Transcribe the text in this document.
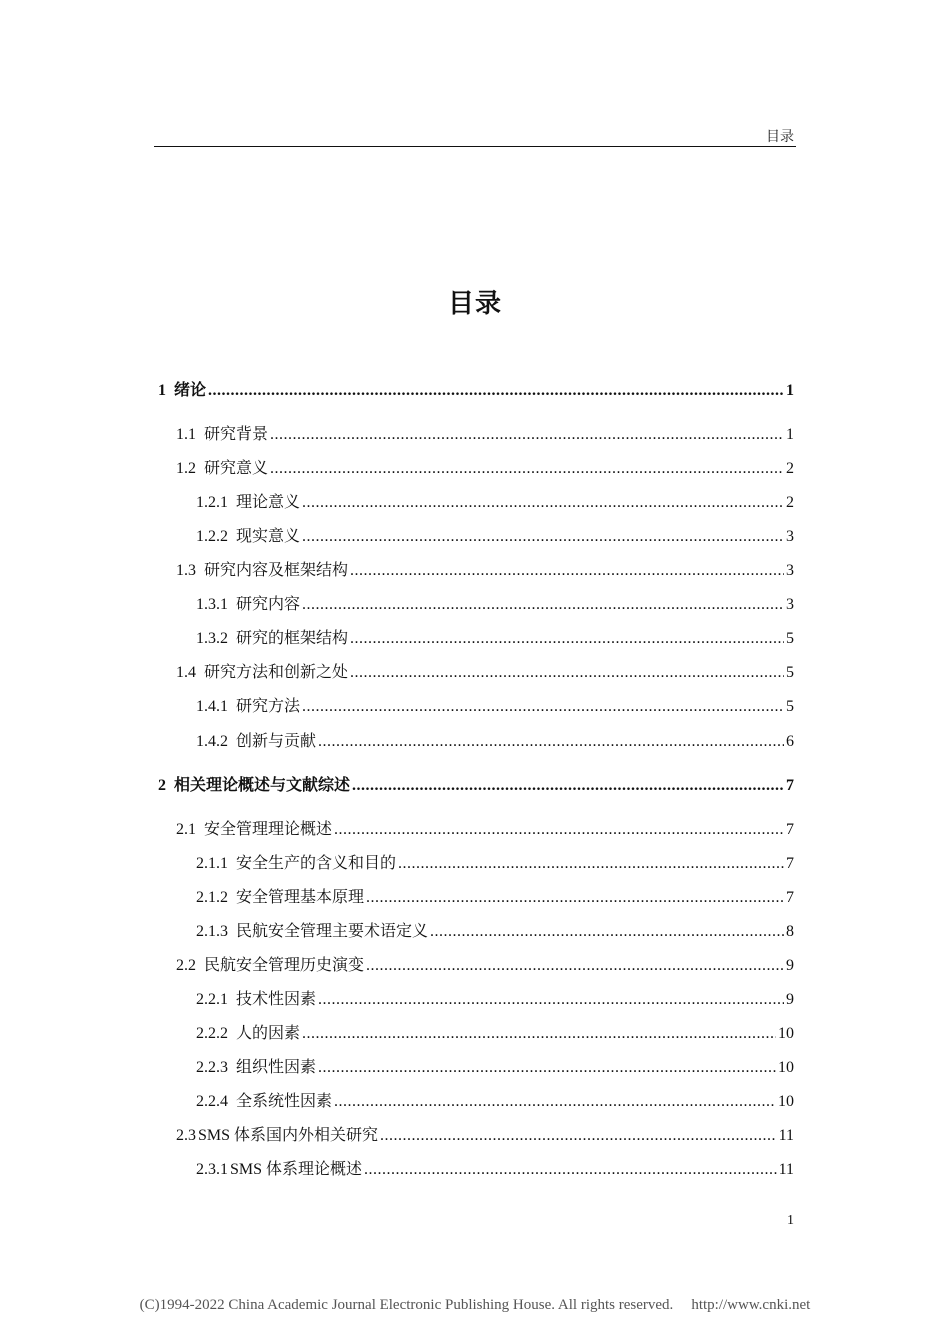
目录
目录
1 绪论 .....	1
1.1 研究背景 .....	1
1.2 研究意义 .....	2
1.2.1 理论意义 .....	2
1.2.2 现实意义 .....	3
1.3 研究内容及框架结构 .....	3
1.3.1 研究内容 .....	3
1.3.2 研究的框架结构 .....	5
1.4 研究方法和创新之处 .....	5
1.4.1 研究方法 .....	5
1.4.2 创新与贡献 .....	6
2 相关理论概述与文献综述 .....	7
2.1 安全管理理论概述 .....	7
2.1.1 安全生产的含义和目的 .....	7
2.1.2 安全管理基本原理 .....	7
2.1.3 民航安全管理主要术语定义 .....	8
2.2 民航安全管理历史演变 .....	9
2.2.1 技术性因素 .....	9
2.2.2 人的因素 .....	10
2.2.3 组织性因素 .....	10
2.2.4 全系统性因素 .....	10
2.3 SMS 体系国内外相关研究 .....	11
2.3.1 SMS 体系理论概述 .....	11
1
(C)1994-2022 China Academic Journal Electronic Publishing House. All rights reserved. http://www.cnki.net
